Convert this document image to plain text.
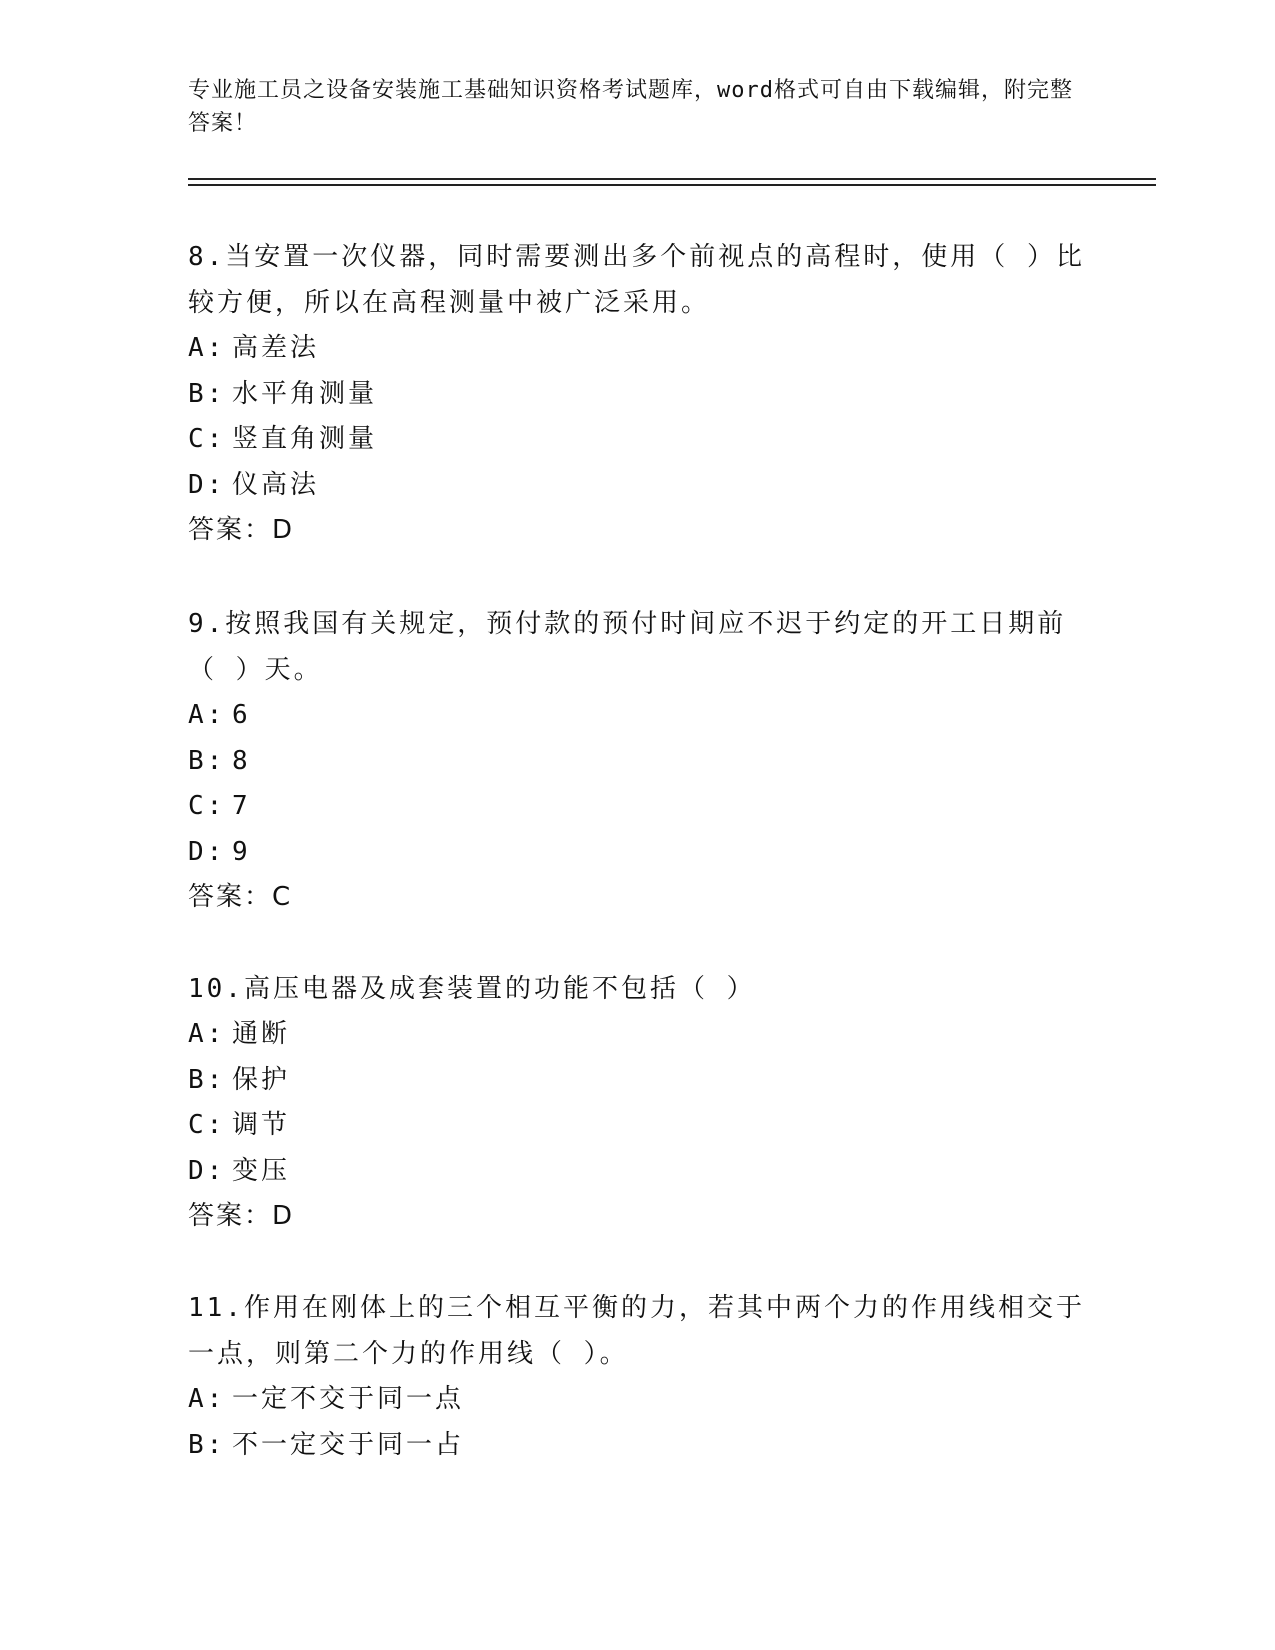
专业施工员之设备安装施工基础知识资格考试题库，word格式可自由下载编辑，附完整答案！

8.当安置一次仪器，同时需要测出多个前视点的高程时，使用（ ）比较方便，所以在高程测量中被广泛采用。

A: 高差法
B: 水平角测量
C: 竖直角测量
D: 仪高法
答案：D

9.按照我国有关规定，预付款的预付时间应不迟于约定的开工日期前（ ）天。

A: 6
B: 8
C: 7
D: 9
答案：C

10.高压电器及成套装置的功能不包括（ ）

A: 通断
B: 保护
C: 调节
D: 变压
答案：D

11.作用在刚体上的三个相互平衡的力，若其中两个力的作用线相交于一点，则第二个力的作用线（ ）。

A: 一定不交于同一点
B: 不一定交于同一占
